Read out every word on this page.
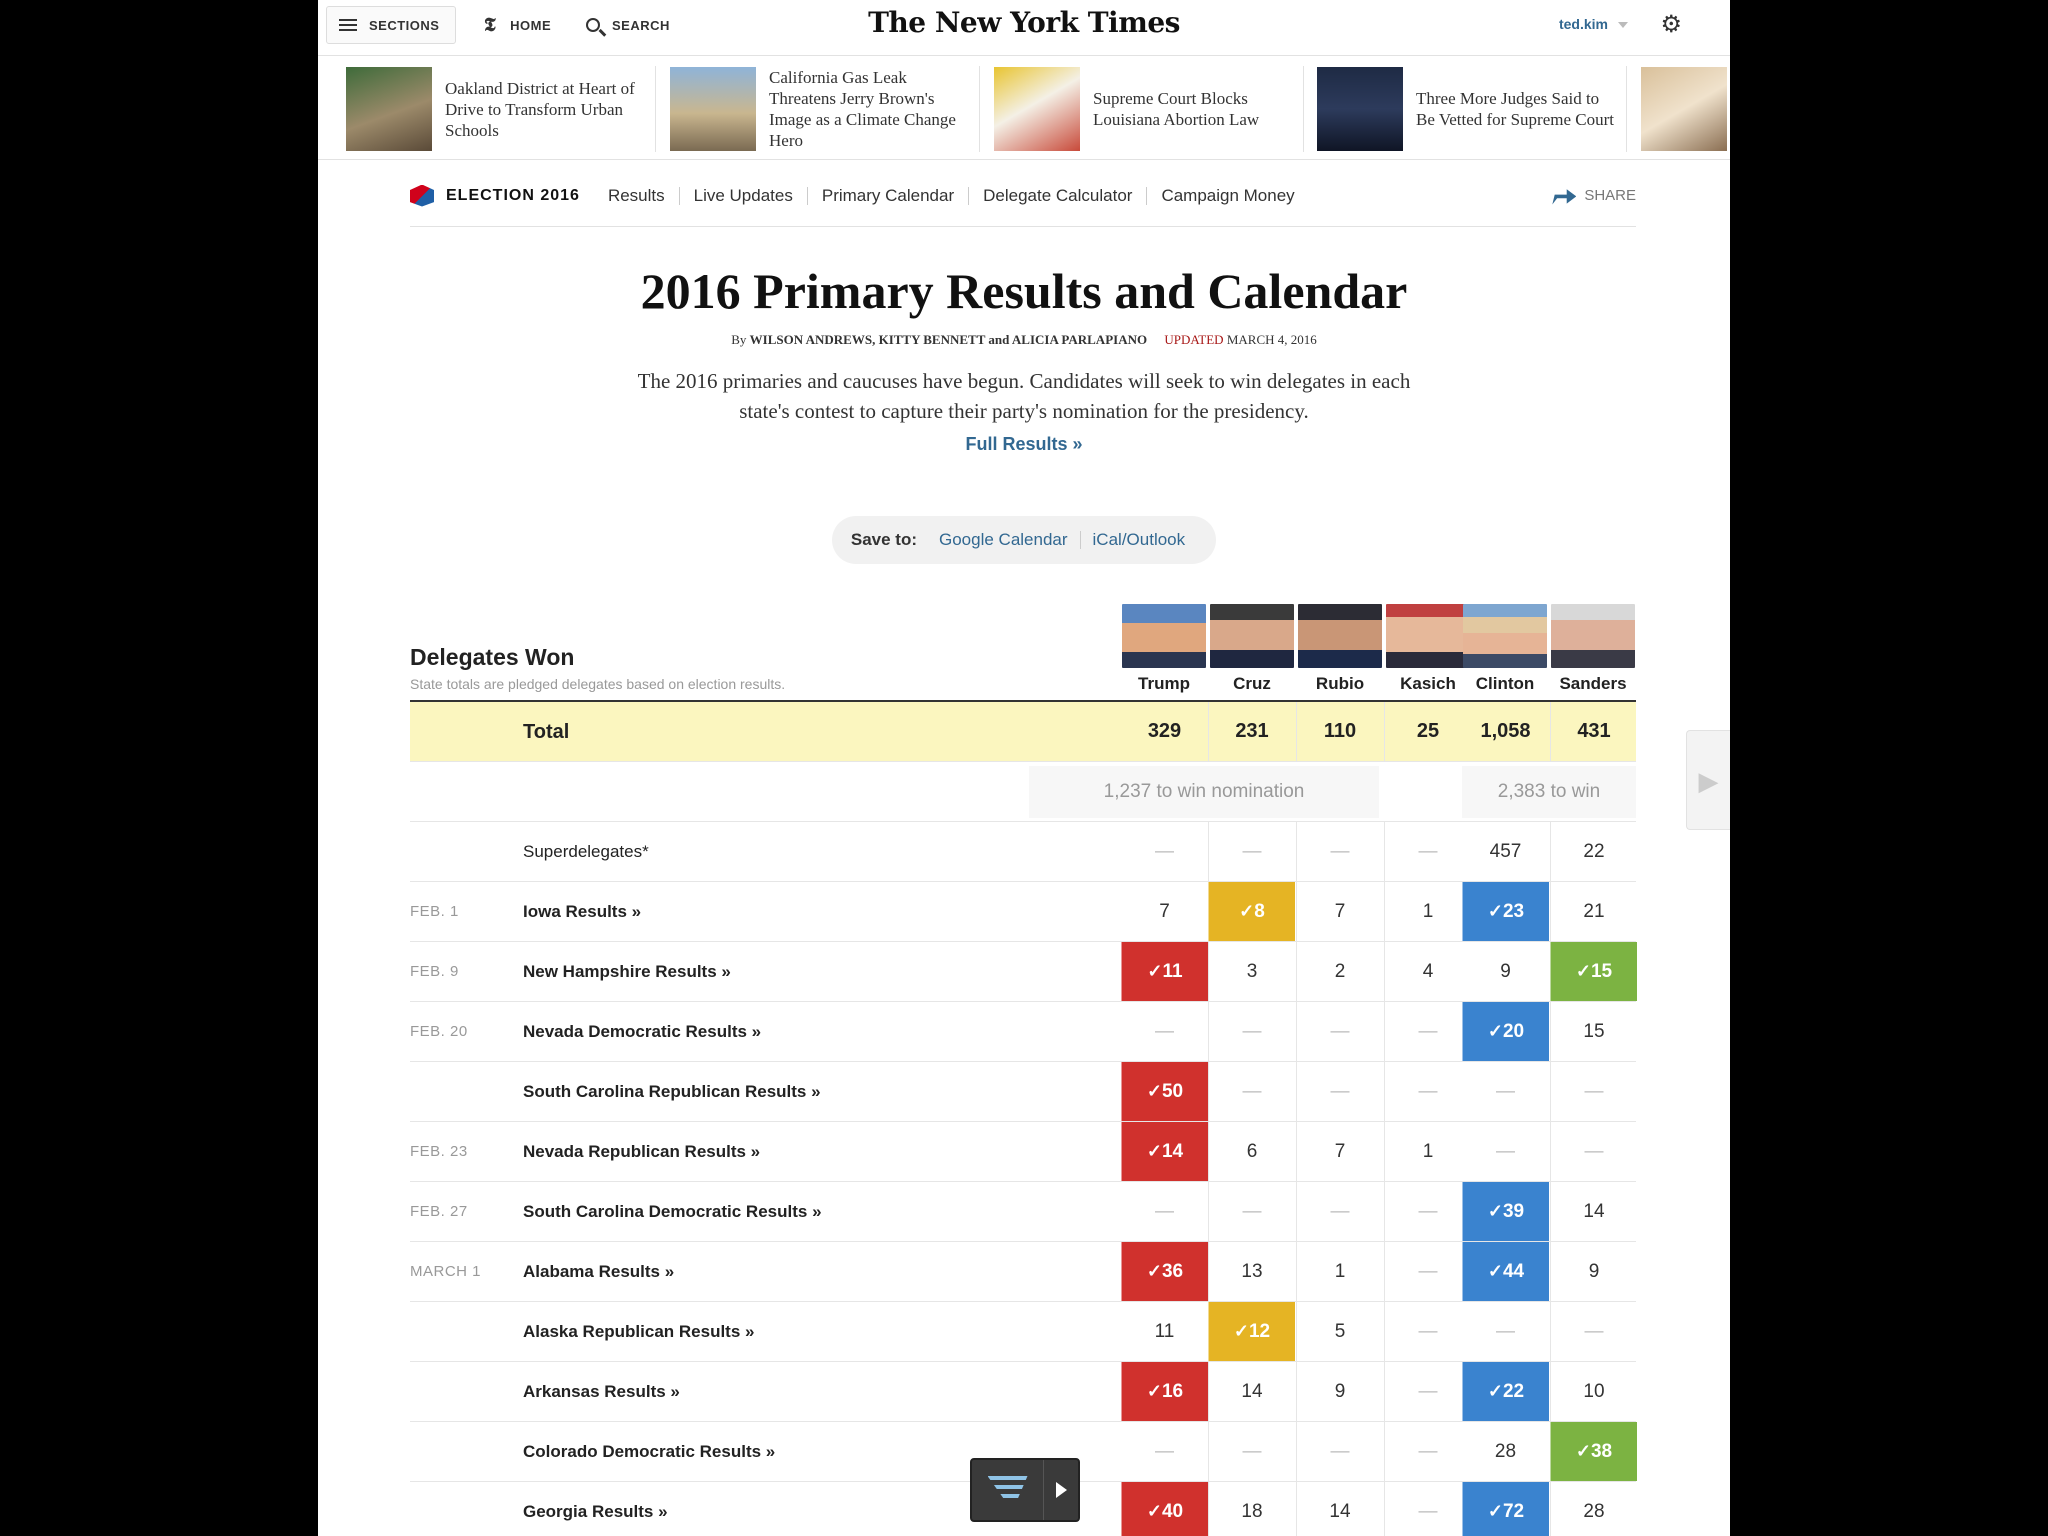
SECTIONS 𝕿 HOME	SEARCH	The New York Times	ted.kim	⚙
Oakland District at Heart of Drive to Transform Urban Schools
California Gas Leak Threatens Jerry Brown's Image as a Climate Change Hero
Supreme Court Blocks Louisiana Abortion Law
Three More Judges Said to Be Vetted for Supreme Court
ELECTION 2016 Results	Live Updates	Primary Calendar	Delegate Calculator	Campaign Money	SHARE
2016 Primary Results and Calendar
By WILSON ANDREWS, KITTY BENNETT and ALICIA PARLAPIANO UPDATED MARCH 4, 2016

The 2016 primaries and caucuses have begun. Candidates will seek to win delegates in each state's contest to capture their party's nomination for the presidency.

Full Results »
Save to:	Google Calendar	iCal/Outlook
Delegates Won
State totals are pledged delegates based on election results.	Trump	Cruz	Rubio	Kasich	Clinton	Sanders
Total	329	231	110	25	1,058	431
1,237 to win nomination	2,383 to win
Superdelegates*	—	—	—	—	457	22
FEB. 1	Iowa Results »	7	✓ 8	7	1	✓ 23	21
FEB. 9	New Hampshire Results »	✓ 11	3	2	4	9	✓ 15
FEB. 20	Nevada Democratic Results »	—	—	—	—	✓ 20	15
South Carolina Republican Results »	✓ 50	—	—	—	—	—
FEB. 23	Nevada Republican Results »	✓ 14	6	7	1	—	—
FEB. 27	South Carolina Democratic Results »	—	—	—	—	✓ 39	14
MARCH 1 Alabama Results »	✓ 36	13	1	—	✓ 44	9
Alaska Republican Results »	11	✓ 12	5	—	—	—
Arkansas Results »	✓ 16	14	9	—	✓ 22	10
Colorado Democratic Results »	—	—	—	—	28	✓ 38
Georgia Results »	✓ 40	18	14	—	✓ 72	28
▶
